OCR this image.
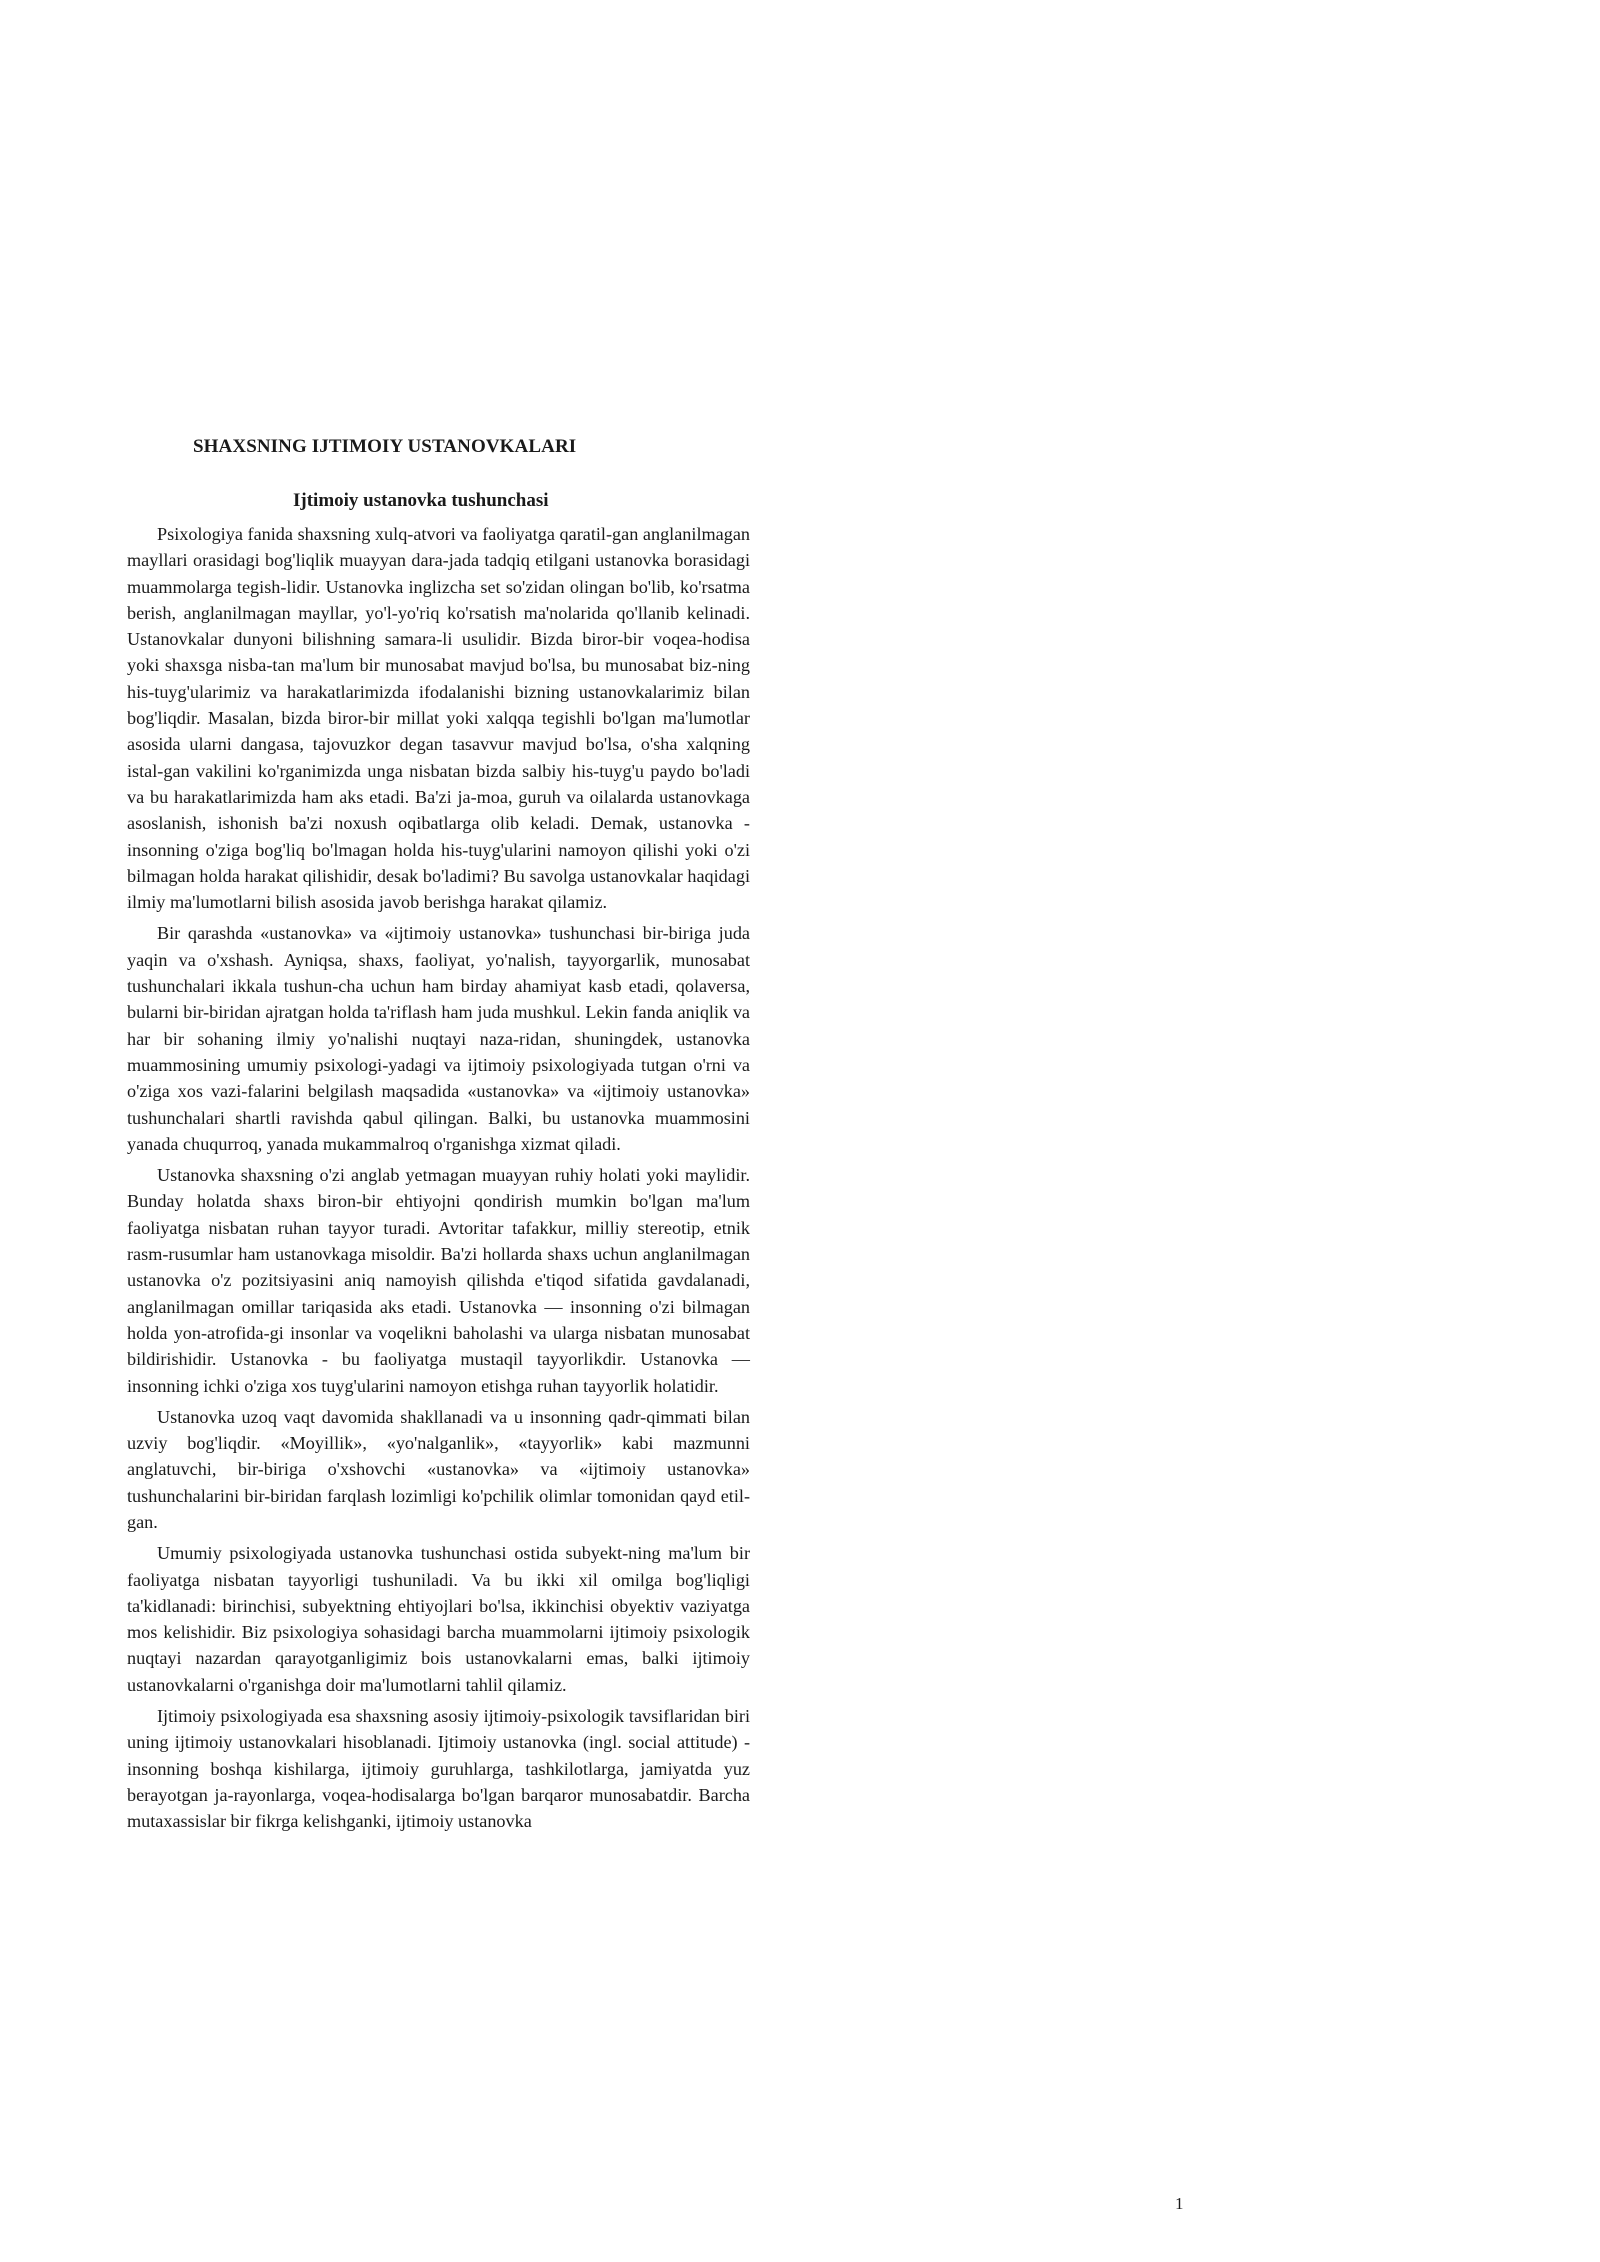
SHAXSNING IJTIMOIY USTANOVKALARI
Ijtimoiy ustanovka tushunchasi

Psixologiya fanida shaxsning xulq-atvori va faoliyatga qaratil-gan anglanilmagan mayllari orasidagi bog'liqlik muayyan dara-jada tadqiq etilgani ustanovka borasidagi muammolarga tegish-lidir. Ustanovka inglizcha set so'zidan olingan bo'lib, ko'rsatma berish, anglanilmagan mayllar, yo'l-yo'riq ko'rsatish ma'nolarida qo'llanib kelinadi. Ustanovkalar dunyoni bilishning samara-li usulidir. Bizda biror-bir voqea-hodisa yoki shaxsga nisba-tan ma'lum bir munosabat mavjud bo'lsa, bu munosabat biz-ning his-tuyg'ularimiz va harakatlarimizda ifodalanishi bizning ustanovkalarimiz bilan bog'liqdir. Masalan, bizda biror-bir millat yoki xalqqa tegishli bo'lgan ma'lumotlar asosida ularni dangasa, tajovuzkor degan tasavvur mavjud bo'lsa, o'sha xalqning istal-gan vakilini ko'rganimizda unga nisbatan bizda salbiy his-tuyg'u paydo bo'ladi va bu harakatlarimizda ham aks etadi. Ba'zi ja-moa, guruh va oilalarda ustanovkaga asoslanish, ishonish ba'zi noxush oqibatlarga olib keladi. Demak, ustanovka - insonning o'ziga bog'liq bo'lmagan holda his-tuyg'ularini namoyon qilishi yoki o'zi bilmagan holda harakat qilishidir, desak bo'ladimi? Bu savolga ustanovkalar haqidagi ilmiy ma'lumotlarni bilish asosida javob berishga harakat qilamiz.

Bir qarashda «ustanovka» va «ijtimoiy ustanovka» tushunchasi bir-biriga juda yaqin va o'xshash. Ayniqsa, shaxs, faoliyat, yo'nalish, tayyorgarlik, munosabat tushunchalari ikkala tushun-cha uchun ham birday ahamiyat kasb etadi, qolaversa, bularni bir-biridan ajratgan holda ta'riflash ham juda mushkul. Lekin fanda aniqlik va har bir sohaning ilmiy yo'nalishi nuqtayi naza-ridan, shuningdek, ustanovka muammosining umumiy psixologi-yadagi va ijtimoiy psixologiyada tutgan o'rni va o'ziga xos vazi-falarini belgilash maqsadida «ustanovka» va «ijtimoiy ustanovka» tushunchalari shartli ravishda qabul qilingan. Balki, bu ustanovka muammosini yanada chuqurroq, yanada mukammalroq o'rganishga xizmat qiladi.

Ustanovka shaxsning o'zi anglab yetmagan muayyan ruhiy holati yoki maylidir. Bunday holatda shaxs biron-bir ehtiyojni qondirish mumkin bo'lgan ma'lum faoliyatga nisbatan ruhan tayyor turadi. Avtoritar tafakkur, milliy stereotip, etnik rasm-rusumlar ham ustanovkaga misoldir. Ba'zi hollarda shaxs uchun anglanilmagan ustanovka o'z pozitsiyasini aniq namoyish qilishda e'tiqod sifatida gavdalanadi, anglanilmagan omillar tariqasida aks etadi. Ustanovka — insonning o'zi bilmagan holda yon-atrofida-gi insonlar va voqelikni baholashi va ularga nisbatan munosabat bildirishidir. Ustanovka - bu faoliyatga mustaqil tayyorlikdir. Ustanovka — insonning ichki o'ziga xos tuyg'ularini namoyon etishga ruhan tayyorlik holatidir.

Ustanovka uzoq vaqt davomida shakllanadi va u insonning qadr-qimmati bilan uzviy bog'liqdir. «Moyillik», «yo'nalganlik», «tayyorlik» kabi mazmunni anglatuvchi, bir-biriga o'xshovchi «ustanovka» va «ijtimoiy ustanovka» tushunchalarini bir-biridan farqlash lozimligi ko'pchilik olimlar tomonidan qayd etil-gan.

Umumiy psixologiyada ustanovka tushunchasi ostida subyekt-ning ma'lum bir faoliyatga nisbatan tayyorligi tushuniladi. Va bu ikki xil omilga bog'liqligi ta'kidlanadi: birinchisi, subyektning ehtiyojlari bo'lsa, ikkinchisi obyektiv vaziyatga mos kelishidir. Biz psixologiya sohasidagi barcha muammolarni ijtimoiy psixologik nuqtayi nazardan qarayotganligimiz bois ustanovkalarni emas, balki ijtimoiy ustanovkalarni o'rganishga doir ma'lumotlarni tahlil qilamiz.

Ijtimoiy psixologiyada esa shaxsning asosiy ijtimoiy-psixologik tavsiflaridan biri uning ijtimoiy ustanovkalari hisoblanadi. Ijtimoiy ustanovka (ingl. social attitude) - insonning boshqa kishilarga, ijtimoiy guruhlarga, tashkilotlarga, jamiyatda yuz berayotgan ja-rayonlarga, voqea-hodisalarga bo'lgan barqaror munosabatdir. Barcha mutaxassislar bir fikrga kelishganki, ijtimoiy ustanovka

1
